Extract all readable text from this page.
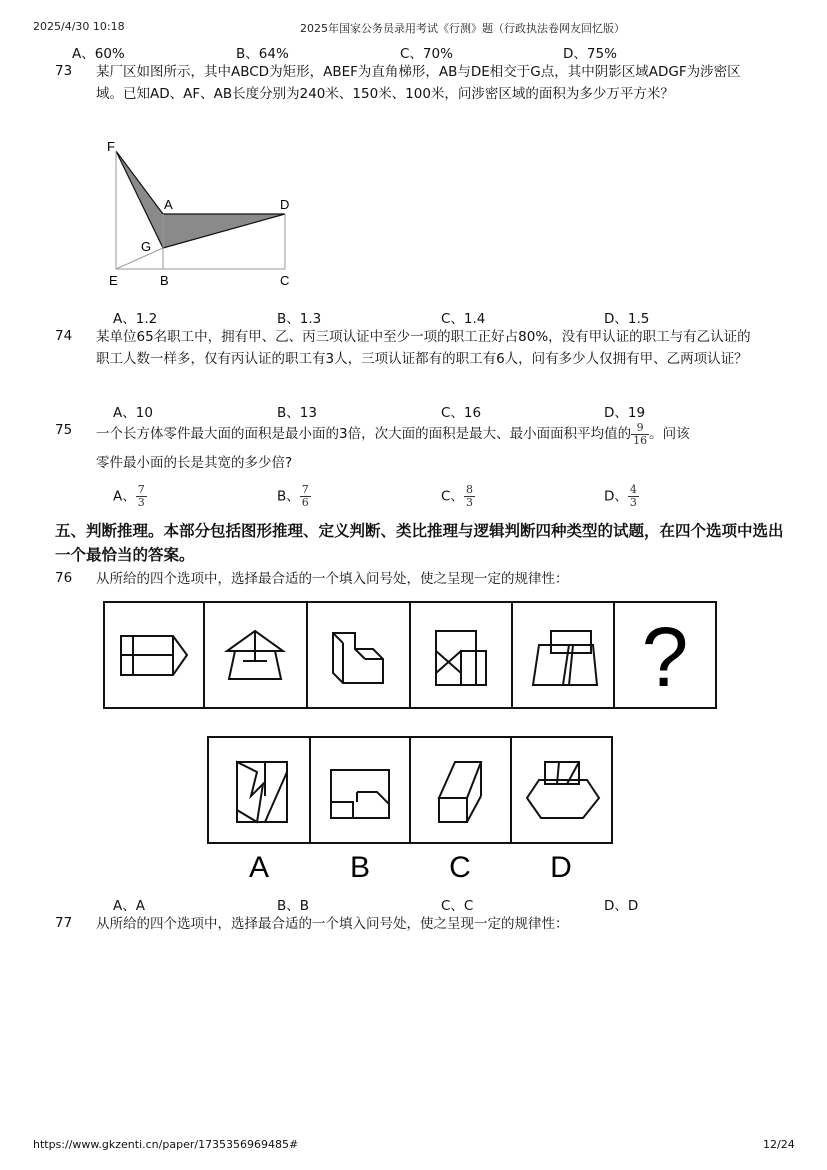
2025/4/30 10:18	2025年国家公务员录用考试《行测》题（行政执法卷网友回忆版）
A、60%	B、64%	C、70%	D、75%
73 某厂区如图所示，其中ABCD为矩形，ABEF为直角梯形，AB与DE相交于G点，其中阴影区域ADGF为涉密区域。已知AD、AF、AB长度分别为240米、150米、100米，问涉密区域的面积为多少万平方米？
F
A	D
G
E	B	C
A、1.2	B、1.3	C、1.4	D、1.5
74 某单位65名职工中，拥有甲、乙、丙三项认证中至少一项的职工正好占80%，没有甲认证的职工与有乙认证的职工人数一样多，仅有丙认证的职工有3人，三项认证都有的职工有6人，问有多少人仅拥有甲、乙两项认证？
A、10	B、13	C、16	D、19
75 一个长方体零件最大面的面积是最小面的3倍，次大面的面积是最大、最小面面积平均值的 $\frac{9}{16}$ 。问该
零件最小面的长是其宽的多少倍?
A、 $\frac{7}{3}$	B、 $\frac{7}{6}$	C、 $\frac{8}{3}$	D、 $\frac{4}{3}$
五、判断推理。本部分包括图形推理、定义判断、类比推理与逻辑判断四种类型的试题，在四个选项中选出一个最恰当的答案。
76 从所给的四个选项中，选择最合适的一个填入问号处，使之呈现一定的规律性：
?
A	B	C	D
A、A	B、B	C、C	D、D
77 从所给的四个选项中，选择最合适的一个填入问号处，使之呈现一定的规律性：
https://www.gkzenti.cn/paper/1735356969485#	12/24
